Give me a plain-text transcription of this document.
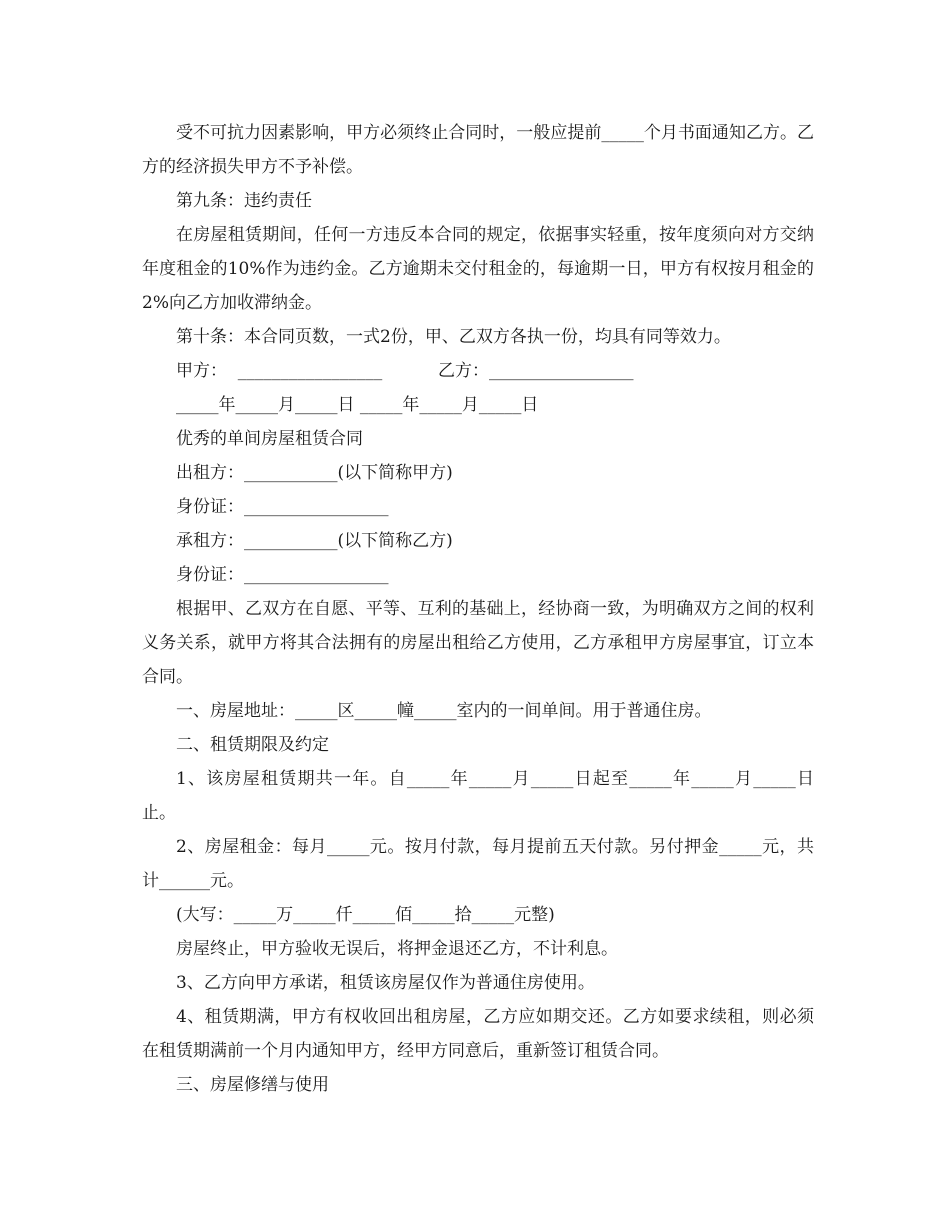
受不可抗力因素影响，甲方必须终止合同时，一般应提前_____个月书面通知乙方。乙方的经济损失甲方不予补偿。

第九条：违约责任

在房屋租赁期间，任何一方违反本合同的规定，依据事实轻重，按年度须向对方交纳年度租金的10%作为违约金。乙方逾期未交付租金的，每逾期一日，甲方有权按月租金的2%向乙方加收滞纳金。

第十条：本合同页数，一式2份，甲、乙双方各执一份，均具有同等效力。

甲方：  _________________	乙方：_________________

_____年_____月_____日 _____年_____月_____日

优秀的单间房屋租赁合同

出租方：___________(以下简称甲方)

身份证：_________________

承租方：___________(以下简称乙方)

身份证：_________________

根据甲、乙双方在自愿、平等、互利的基础上，经协商一致，为明确双方之间的权利义务关系，就甲方将其合法拥有的房屋出租给乙方使用，乙方承租甲方房屋事宜，订立本合同。

一、房屋地址：_____区_____幢_____室内的一间单间。用于普通住房。

二、租赁期限及约定

1、该房屋租赁期共一年。自_____年_____月_____日起至_____年_____月_____日止。

2、房屋租金：每月_____元。按月付款，每月提前五天付款。另付押金_____元，共计______元。

(大写：_____万_____仟_____佰_____拾_____元整)

房屋终止，甲方验收无误后，将押金退还乙方，不计利息。

3、乙方向甲方承诺，租赁该房屋仅作为普通住房使用。

4、租赁期满，甲方有权收回出租房屋，乙方应如期交还。乙方如要求续租，则必须在租赁期满前一个月内通知甲方，经甲方同意后，重新签订租赁合同。

三、房屋修缮与使用
